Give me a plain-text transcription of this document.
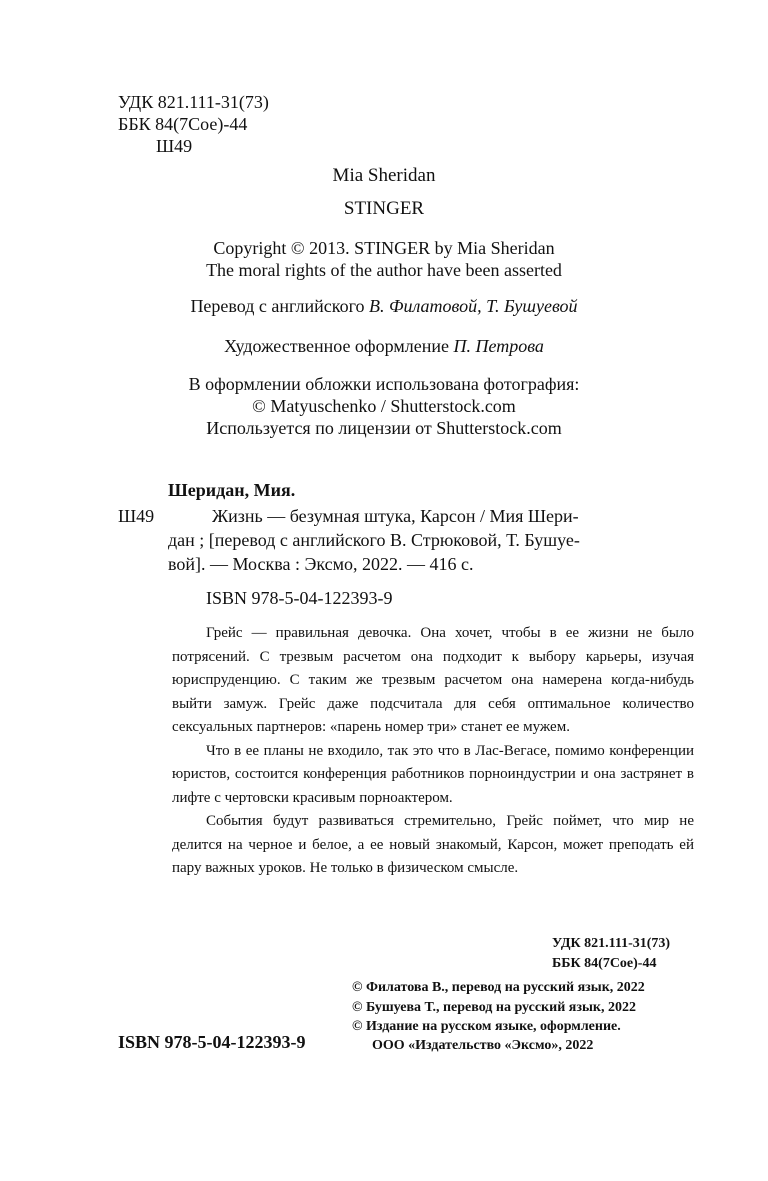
УДК 821.111-31(73)
ББК 84(7Сое)-44
Ш49
Mia Sheridan
STINGER
Copyright © 2013. STINGER by Mia Sheridan
The moral rights of the author have been asserted
Перевод с английского В. Филатовой, Т. Бушуевой
Художественное оформление П. Петрова
В оформлении обложки использована фотография:
© Matyuschenko / Shutterstock.com
Используется по лицензии от Shutterstock.com
Шеридан, Мия.
Ш49	Жизнь — безумная штука, Карсон / Мия Шери-
дан ; [перевод с английского В. Стрюковой, Т. Бушуе-
вой]. — Москва : Эксмо, 2022. — 416 с.
ISBN 978-5-04-122393-9

Грейс — правильная девочка. Она хочет, чтобы в ее жизни не было потрясений. С трезвым расчетом она подходит к выбору карьеры, изучая юриспруденцию. С таким же трезвым расчетом она намерена когда-нибудь выйти замуж. Грейс даже подсчитала для себя оптимальное количество сексуальных партнеров: «парень номер три» станет ее мужем.

Что в ее планы не входило, так это что в Лас-Вегасе, помимо конференции юристов, состоится конференция работников порноиндустрии и она застрянет в лифте с чертовски красивым порноактером.

События будут развиваться стремительно, Грейс поймет, что мир не делится на черное и белое, а ее новый знакомый, Карсон, может преподать ей пару важных уроков. Не только в физическом смысле.

УДК 821.111-31(73)
ББК 84(7Сое)-44
© Филатова В., перевод на русский язык, 2022
© Бушуева Т., перевод на русский язык, 2022
© Издание на русском языке, оформление.
ООО «Издательство «Эксмо», 2022
ISBN 978-5-04-122393-9
